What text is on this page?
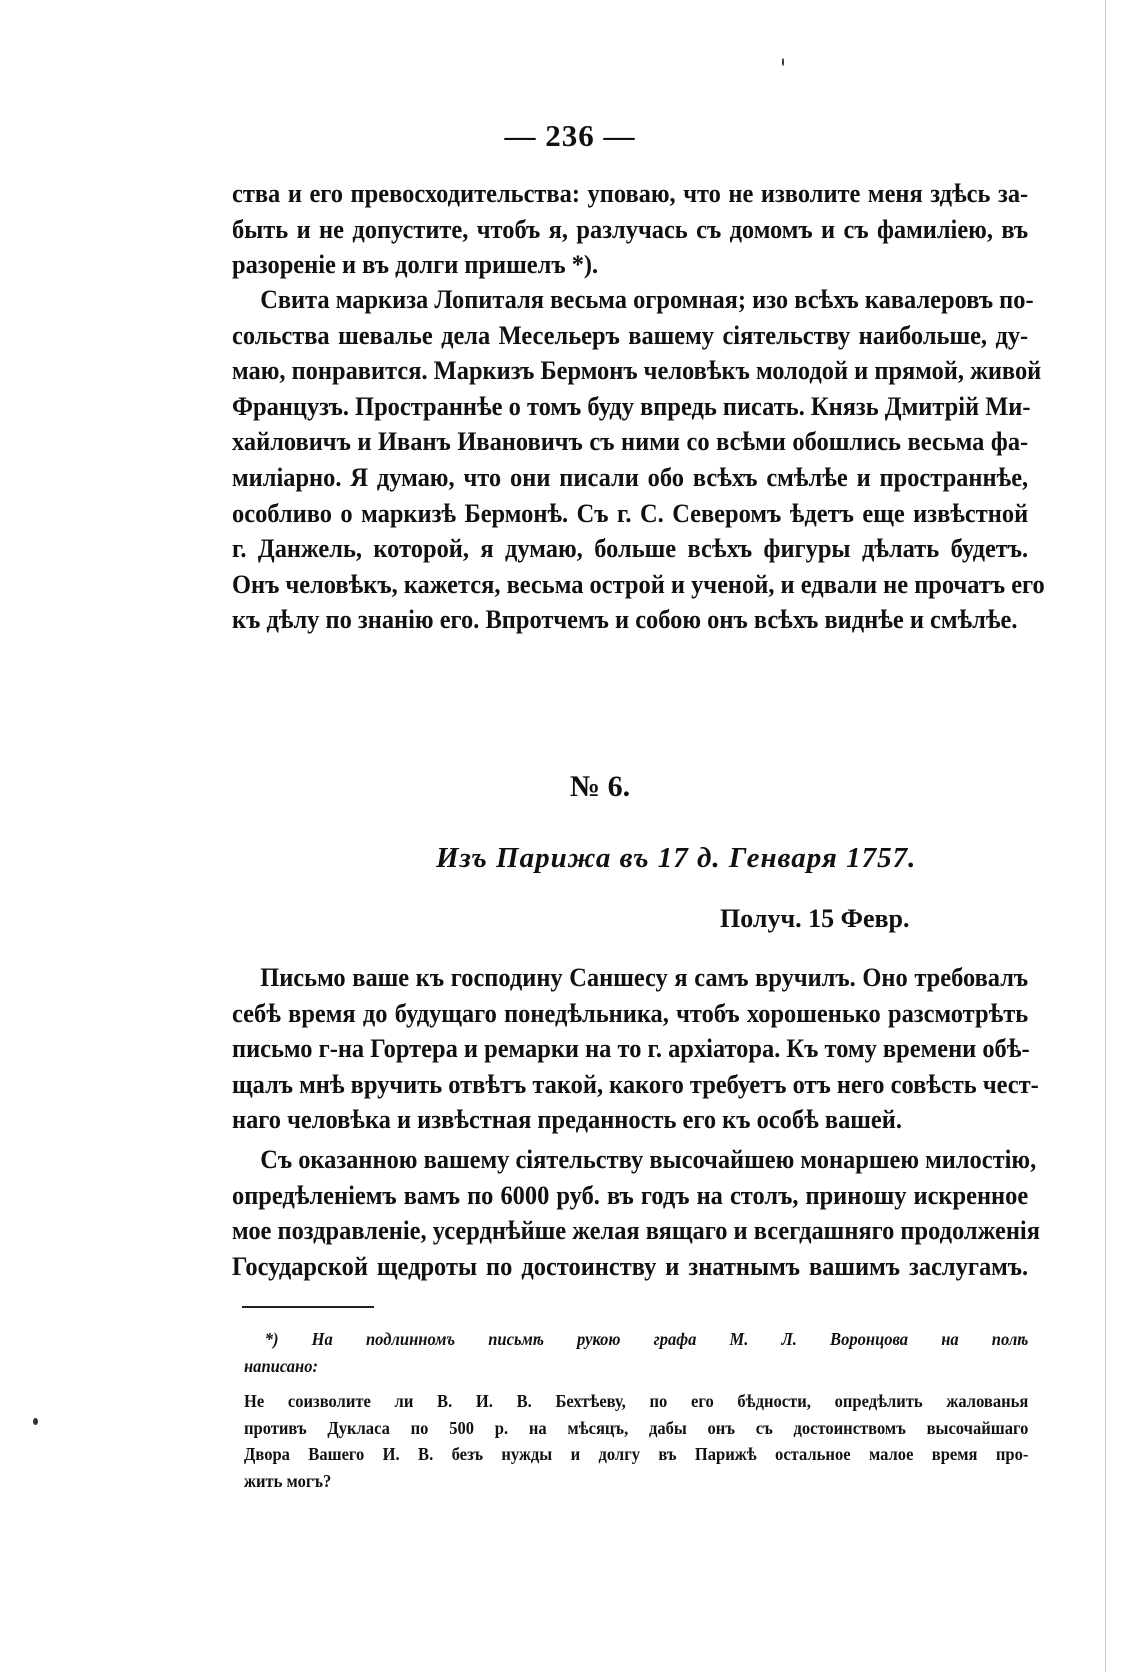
— 236 —
ства и его превосходительства: уповаю, что не изволите меня здѣсь за-
быть и не допустите, чтобъ я, разлучась съ домомъ и съ фамиліею, въ
разореніе и въ долги пришелъ *).
Свита маркиза Лопиталя весьма огромная; изо всѣхъ кавалеровъ по-
сольства шевалье дела Месельеръ вашему сіятельству наибольше, ду-
маю, понравится. Маркизъ Бермонъ человѣкъ молодой и прямой, живой
Французъ. Пространнѣе о томъ буду впредь писать. Князь Дмитрій Ми-
хайловичъ и Иванъ Ивановичъ съ ними со всѣми обошлись весьма фа-
миліарно. Я думаю, что они писали обо всѣхъ смѣлѣе и пространнѣе,
особливо о маркизѣ Бермонѣ. Съ г. С. Северомъ ѣдетъ еще извѣстной
г. Данжель, которой, я думаю, больше всѣхъ фигуры дѣлать будетъ.
Онъ человѣкъ, кажется, весьма острой и ученой, и едвали не прочатъ его
къ дѣлу по знанію его. Впротчемъ и собою онъ всѣхъ виднѣе и смѣлѣе.
№ 6.
Изъ Парижа въ 17 д. Генваря 1757.
Получ. 15 Февр.
Письмо ваше къ господину Саншесу я самъ вручилъ. Оно требовалъ
себѣ время до будущаго понедѣльника, чтобъ хорошенько разсмотрѣть
письмо г-на Гортера и ремарки на то г. архіатора. Къ тому времени обѣ-
щалъ мнѣ вручить отвѣтъ такой, какого требуетъ отъ него совѣсть чест-
наго человѣка и извѣстная преданность его къ особѣ вашей.
Съ оказанною вашему сіятельству высочайшею монаршею милостію,
опредѣленіемъ вамъ по 6000 руб. въ годъ на столъ, приношу искренное
мое поздравленіе, усерднѣйше желая вящаго и всегдашняго продолженія
Государской щедроты по достоинству и знатнымъ вашимъ заслугамъ.
*) На подлинномъ письмѣ рукою графа М. Л. Воронцова на полѣ
написано:
Не соизволите ли В. И. В. Бехтѣеву, по его бѣдности, опредѣлить жалованья
противъ Дукласа по 500 р. на мѣсяцъ, дабы онъ съ достоинствомъ высочайшаго
Двора Вашего И. В. безъ нужды и долгу въ Парижѣ остальное малое время про-
жить могъ?
